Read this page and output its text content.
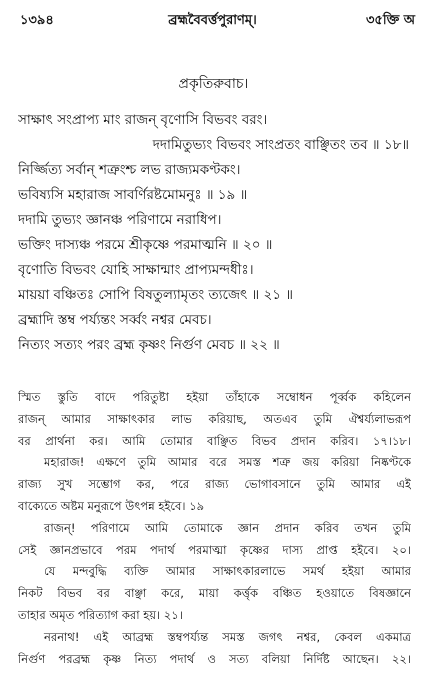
১৩৯৪	ব্রহ্মবৈবর্ত্তপুরাণম্।	৩৫ক্তি অ
প্রকৃতিরুবাচ।
সাক্ষাৎ সংপ্রাপ্য মাং রাজন্ বৃণোসি বিভবং বরং।
দদামিতুভ্যং বিভবং সাংপ্রতং বাঞ্ছিতং তব ॥ ১৮॥
নির্জ্জিত্য সর্বান্ শত্রুংশ্চ লভ রাজ্যমকণ্টকং।
ভবিষ্যসি মহারাজ সাবর্ণিরষ্টমোমনুঃ ॥ ১৯ ॥
দদামি তুভ্যং জ্ঞানঞ্চ পরিণামে নরাধিপ।
ভক্তিং দাস্যঞ্চ পরমে শ্রীকৃষ্ণে পরমাত্মনি ॥ ২০ ॥
বৃণোতি বিভবং যোহি সাক্ষান্মাং প্রাপ্যমন্দধীঃ।
মায়য়া বঞ্চিতঃ সোপি বিষতুল্যামৃতং ত্যজেৎ ॥ ২১ ॥
ব্রহ্মাদি স্তম্ব পর্য্যন্তং সর্ব্বং নশ্বর মেবচ।
নিত্যং সত্যং পরং ব্রহ্ম কৃষ্ণং নির্গুণ মেবচ ॥ ২২ ॥
স্মিত স্তুতি বাদে পরিতুষ্টা হইয়া তাঁহাকে সম্বোধন পূর্ব্বক কহিলেন
রাজন্ আমার সাক্ষাৎকার লাভ করিয়াছ, অতএব তুমি ঐশ্বর্য্যলাভরূপ
বর প্রার্থনা কর। আমি তোমার বাঞ্ছিত বিভব প্রদান করিব। ১৭।১৮।
মহারাজ! এক্ষণে তুমি আমার বরে সমস্ত শত্রু জয় করিয়া নিষ্কণ্টকে
রাজ্য সুখ সম্ভোগ কর, পরে রাজ্য ভোগাবসানে তুমি আমার এই
বাক্যেতে অষ্টম মনুরূপে উৎপন্ন হইবে। ১৯
রাজন্! পরিণামে আমি তোমাকে জ্ঞান প্রদান করিব তখন তুমি
সেই জ্ঞানপ্রভাবে পরম পদার্থ পরমাত্মা কৃষ্ণের দাস্য প্রাপ্ত হইবে। ২০।
যে মন্দবুদ্ধি ব্যক্তি আমার সাক্ষাৎকারলাভে সমর্থ হইয়া আমার
নিকট বিভব বর বাঞ্ছা করে, মায়া কর্ত্তৃক বঞ্চিত হওয়াতে বিষজ্ঞানে
তাহার অমৃত পরিত্যাগ করা হয়। ২১।
নরনাথ! এই আব্রহ্ম স্তম্বপর্য্যন্ত সমস্ত জগৎ নশ্বর, কেবল একমাত্র
নির্গুণ পরব্রহ্ম কৃষ্ণ নিত্য পদার্থ ও সত্য বলিয়া নির্দিষ্ট আছেন। ২২।
